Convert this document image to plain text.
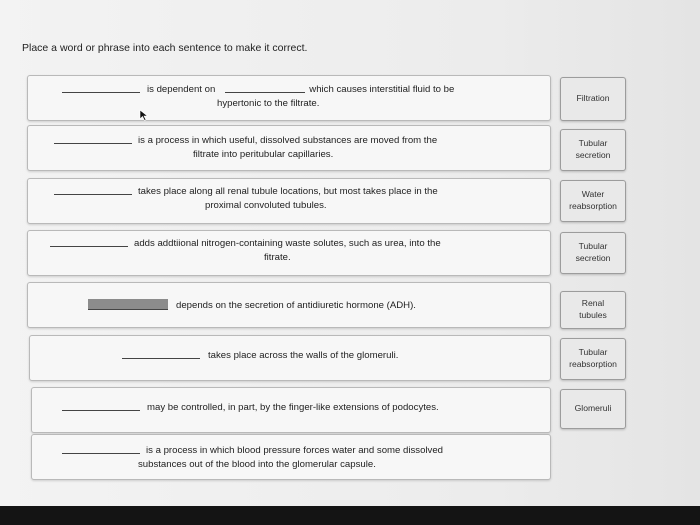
Place a word or phrase into each sentence to make it correct.
is dependent on	which causes interstitial fluid to be
hypertonic to the filtrate.
is a process in which useful, dissolved substances are moved from the
filtrate into peritubular capillaries.
takes place along all renal tubule locations, but most takes place in the
proximal convoluted tubules.
adds addtiional nitrogen-containing waste solutes, such as urea, into the
fitrate.
depends on the secretion of antidiuretic hormone (ADH).
takes place across the walls of the glomeruli.
may be controlled, in part, by the finger-like extensions of podocytes.
is a process in which blood pressure forces water and some dissolved
substances out of the blood into the glomerular capsule.
Filtration
Tubular
secretion
Water
reabsorption
Tubular
secretion
Renal
tubules
Tubular
reabsorption
Glomeruli
